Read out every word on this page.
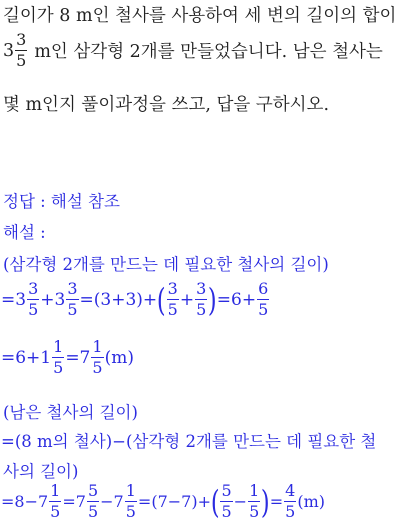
길이가 8 m인 철사를 사용하여 세 변의 길이의 합이
$3 \frac{3}{5}$ m인 삼각형 2개를 만들었습니다. 남은 철사는
몇 m인지 풀이과정을 쓰고, 답을 구하시오.
정답 : 해설 참조
해설 :
(삼각형 2개를 만드는 데 필요한 철사의 길이)
= $3 \frac{3}{5} + 3 \frac{3}{5} =(3+3)+$ ( $\frac{3}{5} + \frac{3}{5}$ ) $=6+ \frac{6}{5}$
$=6+1 \frac{1}{5} =7 \frac{1}{5} (m)$
(남은 철사의 길이)
=(8 m의 철사)−(삼각형 2개를 만드는 데 필요한 철
사의 길이)
$=8-7 \frac{1}{5} =7 \frac{5}{5} -7 \frac{1}{5} =(7-7)+$ ( $\frac{5}{5} - \frac{1}{5}$ ) = $\frac{4}{5} (m)$
